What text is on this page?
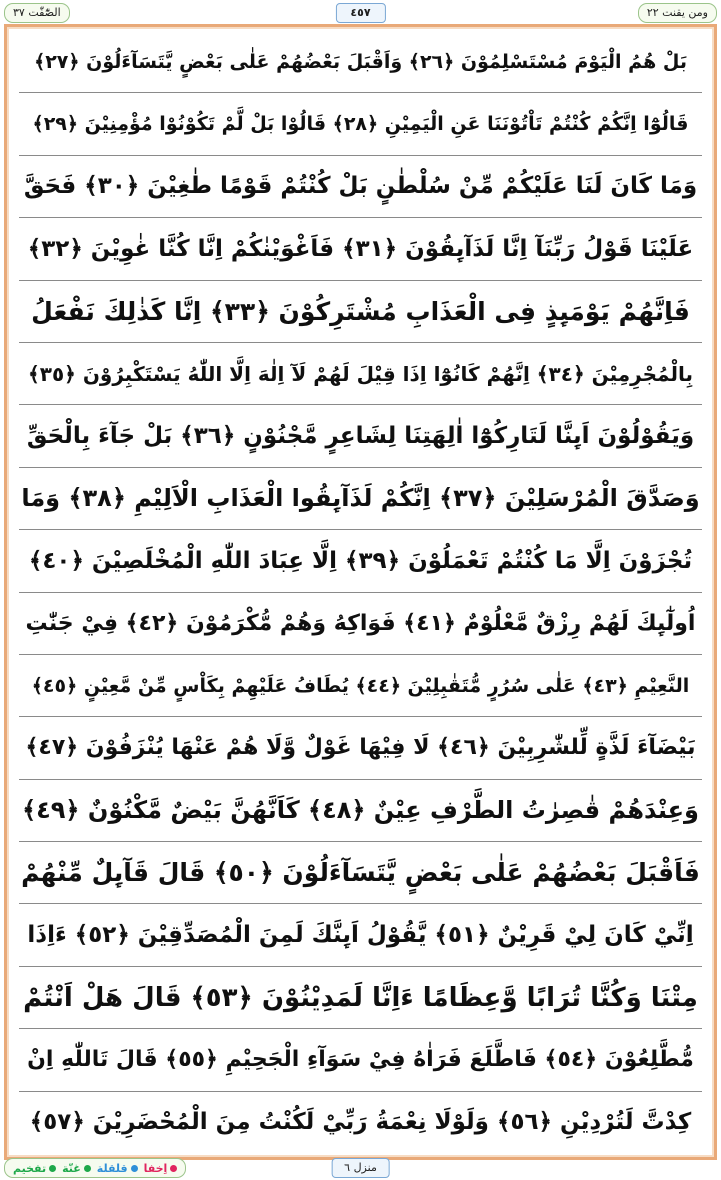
الصّٰٓفّٰت ٣٧	٤٥٧	ومن يقنت ٢٢
بَلْ هُمُ الْيَوْمَ مُسْتَسْلِمُوْنَ ﴿٢٦﴾ وَاَقْبَلَ بَعْضُهُمْ عَلٰى بَعْضٍ يَّتَسَآءَلُوْنَ ﴿٢٧﴾
قَالُوْٓا اِنَّكُمْ كُنْتُمْ تَاْتُوْنَنَا عَنِ الْيَمِيْنِ ﴿٢٨﴾ قَالُوْا بَلْ لَّمْ تَكُوْنُوْا مُؤْمِنِيْنَ ﴿٢٩﴾
وَمَا كَانَ لَنَا عَلَيْكُمْ مِّنْ سُلْطٰنٍ بَلْ كُنْتُمْ قَوْمًا طٰغِيْنَ ﴿٣٠﴾ فَحَقَّ
عَلَيْنَا قَوْلُ رَبِّنَآ اِنَّا لَذَآىِٕقُوْنَ ﴿٣١﴾ فَاَغْوَيْنٰكُمْ اِنَّا كُنَّا غٰوِيْنَ ﴿٣٢﴾
فَاِنَّهُمْ يَوْمَىِٕذٍ فِى الْعَذَابِ مُشْتَرِكُوْنَ ﴿٣٣﴾ اِنَّا كَذٰلِكَ نَفْعَلُ
بِالْمُجْرِمِيْنَ ﴿٣٤﴾ اِنَّهُمْ كَانُوْٓا اِذَا قِيْلَ لَهُمْ لَآ اِلٰهَ اِلَّا اللّٰهُ يَسْتَكْبِرُوْنَ ﴿٣٥﴾
وَيَقُوْلُوْنَ اَىِٕنَّا لَتَارِكُوْٓا اٰلِهَتِنَا لِشَاعِرٍ مَّجْنُوْنٍ ﴿٣٦﴾ بَلْ جَآءَ بِالْحَقِّ
وَصَدَّقَ الْمُرْسَلِيْنَ ﴿٣٧﴾ اِنَّكُمْ لَذَآىِٕقُوا الْعَذَابِ الْاَلِيْمِ ﴿٣٨﴾ وَمَا
تُجْزَوْنَ اِلَّا مَا كُنْتُمْ تَعْمَلُوْنَ ﴿٣٩﴾ اِلَّا عِبَادَ اللّٰهِ الْمُخْلَصِيْنَ ﴿٤٠﴾
اُولٰٓىِٕكَ لَهُمْ رِزْقٌ مَّعْلُوْمٌ ﴿٤١﴾ فَوَاكِهُ وَهُمْ مُّكْرَمُوْنَ ﴿٤٢﴾ فِيْ جَنّٰتِ
النَّعِيْمِ ﴿٤٣﴾ عَلٰى سُرُرٍ مُّتَقٰبِلِيْنَ ﴿٤٤﴾ يُطَافُ عَلَيْهِمْ بِكَاْسٍ مِّنْ مَّعِيْنٍ ﴿٤٥﴾
بَيْضَآءَ لَذَّةٍ لِّلشّٰرِبِيْنَ ﴿٤٦﴾ لَا فِيْهَا غَوْلٌ وَّلَا هُمْ عَنْهَا يُنْزَفُوْنَ ﴿٤٧﴾
وَعِنْدَهُمْ قٰصِرٰتُ الطَّرْفِ عِيْنٌ ﴿٤٨﴾ كَاَنَّهُنَّ بَيْضٌ مَّكْنُوْنٌ ﴿٤٩﴾
فَاَقْبَلَ بَعْضُهُمْ عَلٰى بَعْضٍ يَّتَسَآءَلُوْنَ ﴿٥٠﴾ قَالَ قَآىِٕلٌ مِّنْهُمْ
اِنِّيْ كَانَ لِيْ قَرِيْنٌ ﴿٥١﴾ يَّقُوْلُ اَىِٕنَّكَ لَمِنَ الْمُصَدِّقِيْنَ ﴿٥٢﴾ ءَاِذَا
مِتْنَا وَكُنَّا تُرَابًا وَّعِظَامًا ءَاِنَّا لَمَدِيْنُوْنَ ﴿٥٣﴾ قَالَ هَلْ اَنْتُمْ
مُّطَّلِعُوْنَ ﴿٥٤﴾ فَاطَّلَعَ فَرَاٰهُ فِيْ سَوَآءِ الْجَحِيْمِ ﴿٥٥﴾ قَالَ تَاللّٰهِ اِنْ
كِدْتَّ لَتُرْدِيْنِ ﴿٥٦﴾ وَلَوْلَا نِعْمَةُ رَبِّيْ لَكُنْتُ مِنَ الْمُحْضَرِيْنَ ﴿٥٧﴾
اِخفا
قلقلة
غنّة
تفخيم	منزل ٦
